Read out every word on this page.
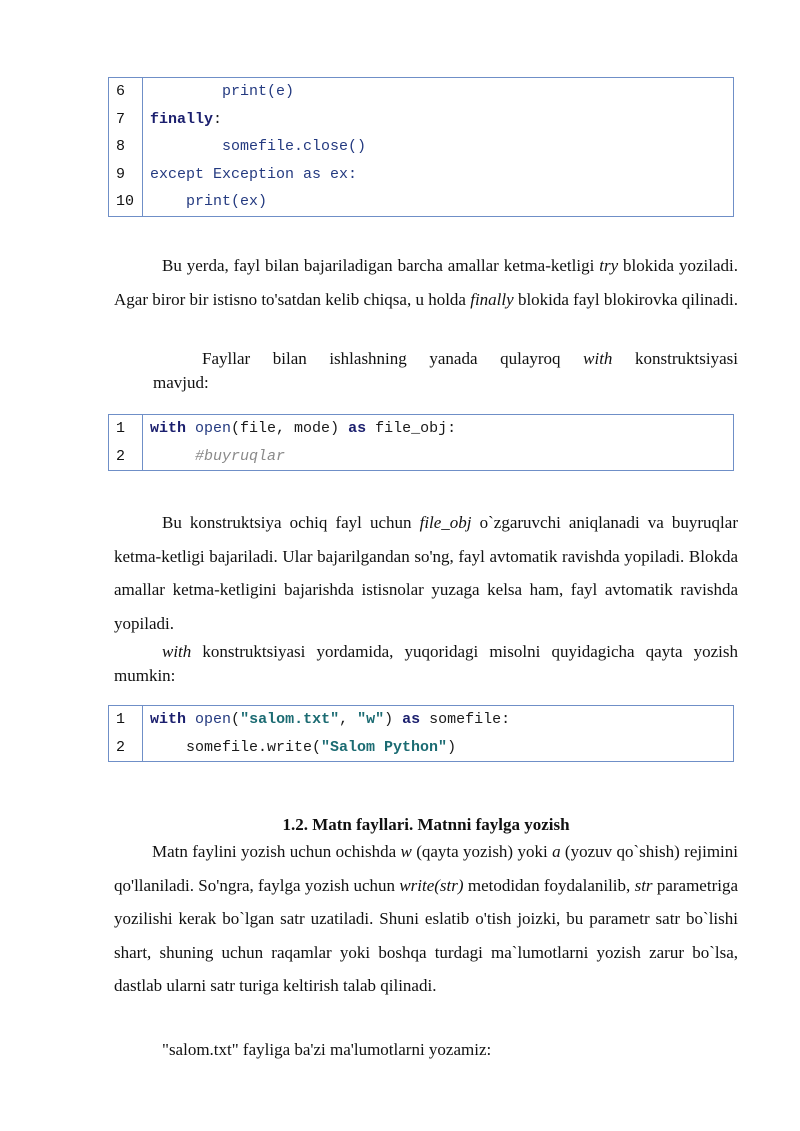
6	print(e)
7	finally:
8	somefile.close()
9	except Exception as ex:
10	print(ex)

Bu yerda, fayl bilan bajariladigan barcha amallar ketma-ketligi try blokida yoziladi. Agar biror bir istisno to'satdan kelib chiqsa, u holda finally blokida fayl blokirovka qilinadi.

Fayllar bilan ishlashning yanada qulayroq with konstruktsiyasi

mavjud:

1	with open(file, mode) as file_obj:
2	#buyruqlar

Bu konstruktsiya ochiq fayl uchun file_obj o`zgaruvchi aniqlanadi va buyruqlar ketma-ketligi bajariladi. Ular bajarilgandan so'ng, fayl avtomatik ravishda yopiladi. Blokda amallar ketma-ketligini bajarishda istisnolar yuzaga kelsa ham, fayl avtomatik ravishda yopiladi.

with konstruktsiyasi yordamida, yuqoridagi misolni quyidagicha qayta yozish mumkin:

1	with open("salom.txt", "w") as somefile:
2	somefile.write("Salom Python")
1.2. Matn fayllari. Matnni faylga yozish

Matn faylini yozish uchun ochishda w (qayta yozish) yoki a (yozuv qo`shish) rejimini qo'llaniladi. So'ngra, faylga yozish uchun write(str) metodidan foydalanilib, str parametriga yozilishi kerak bo`lgan satr uzatiladi. Shuni eslatib o'tish joizki, bu parametr satr bo`lishi shart, shuning uchun raqamlar yoki boshqa turdagi ma`lumotlarni yozish zarur bo`lsa, dastlab ularni satr turiga keltirish talab qilinadi.

"salom.txt" fayliga ba'zi ma'lumotlarni yozamiz:
